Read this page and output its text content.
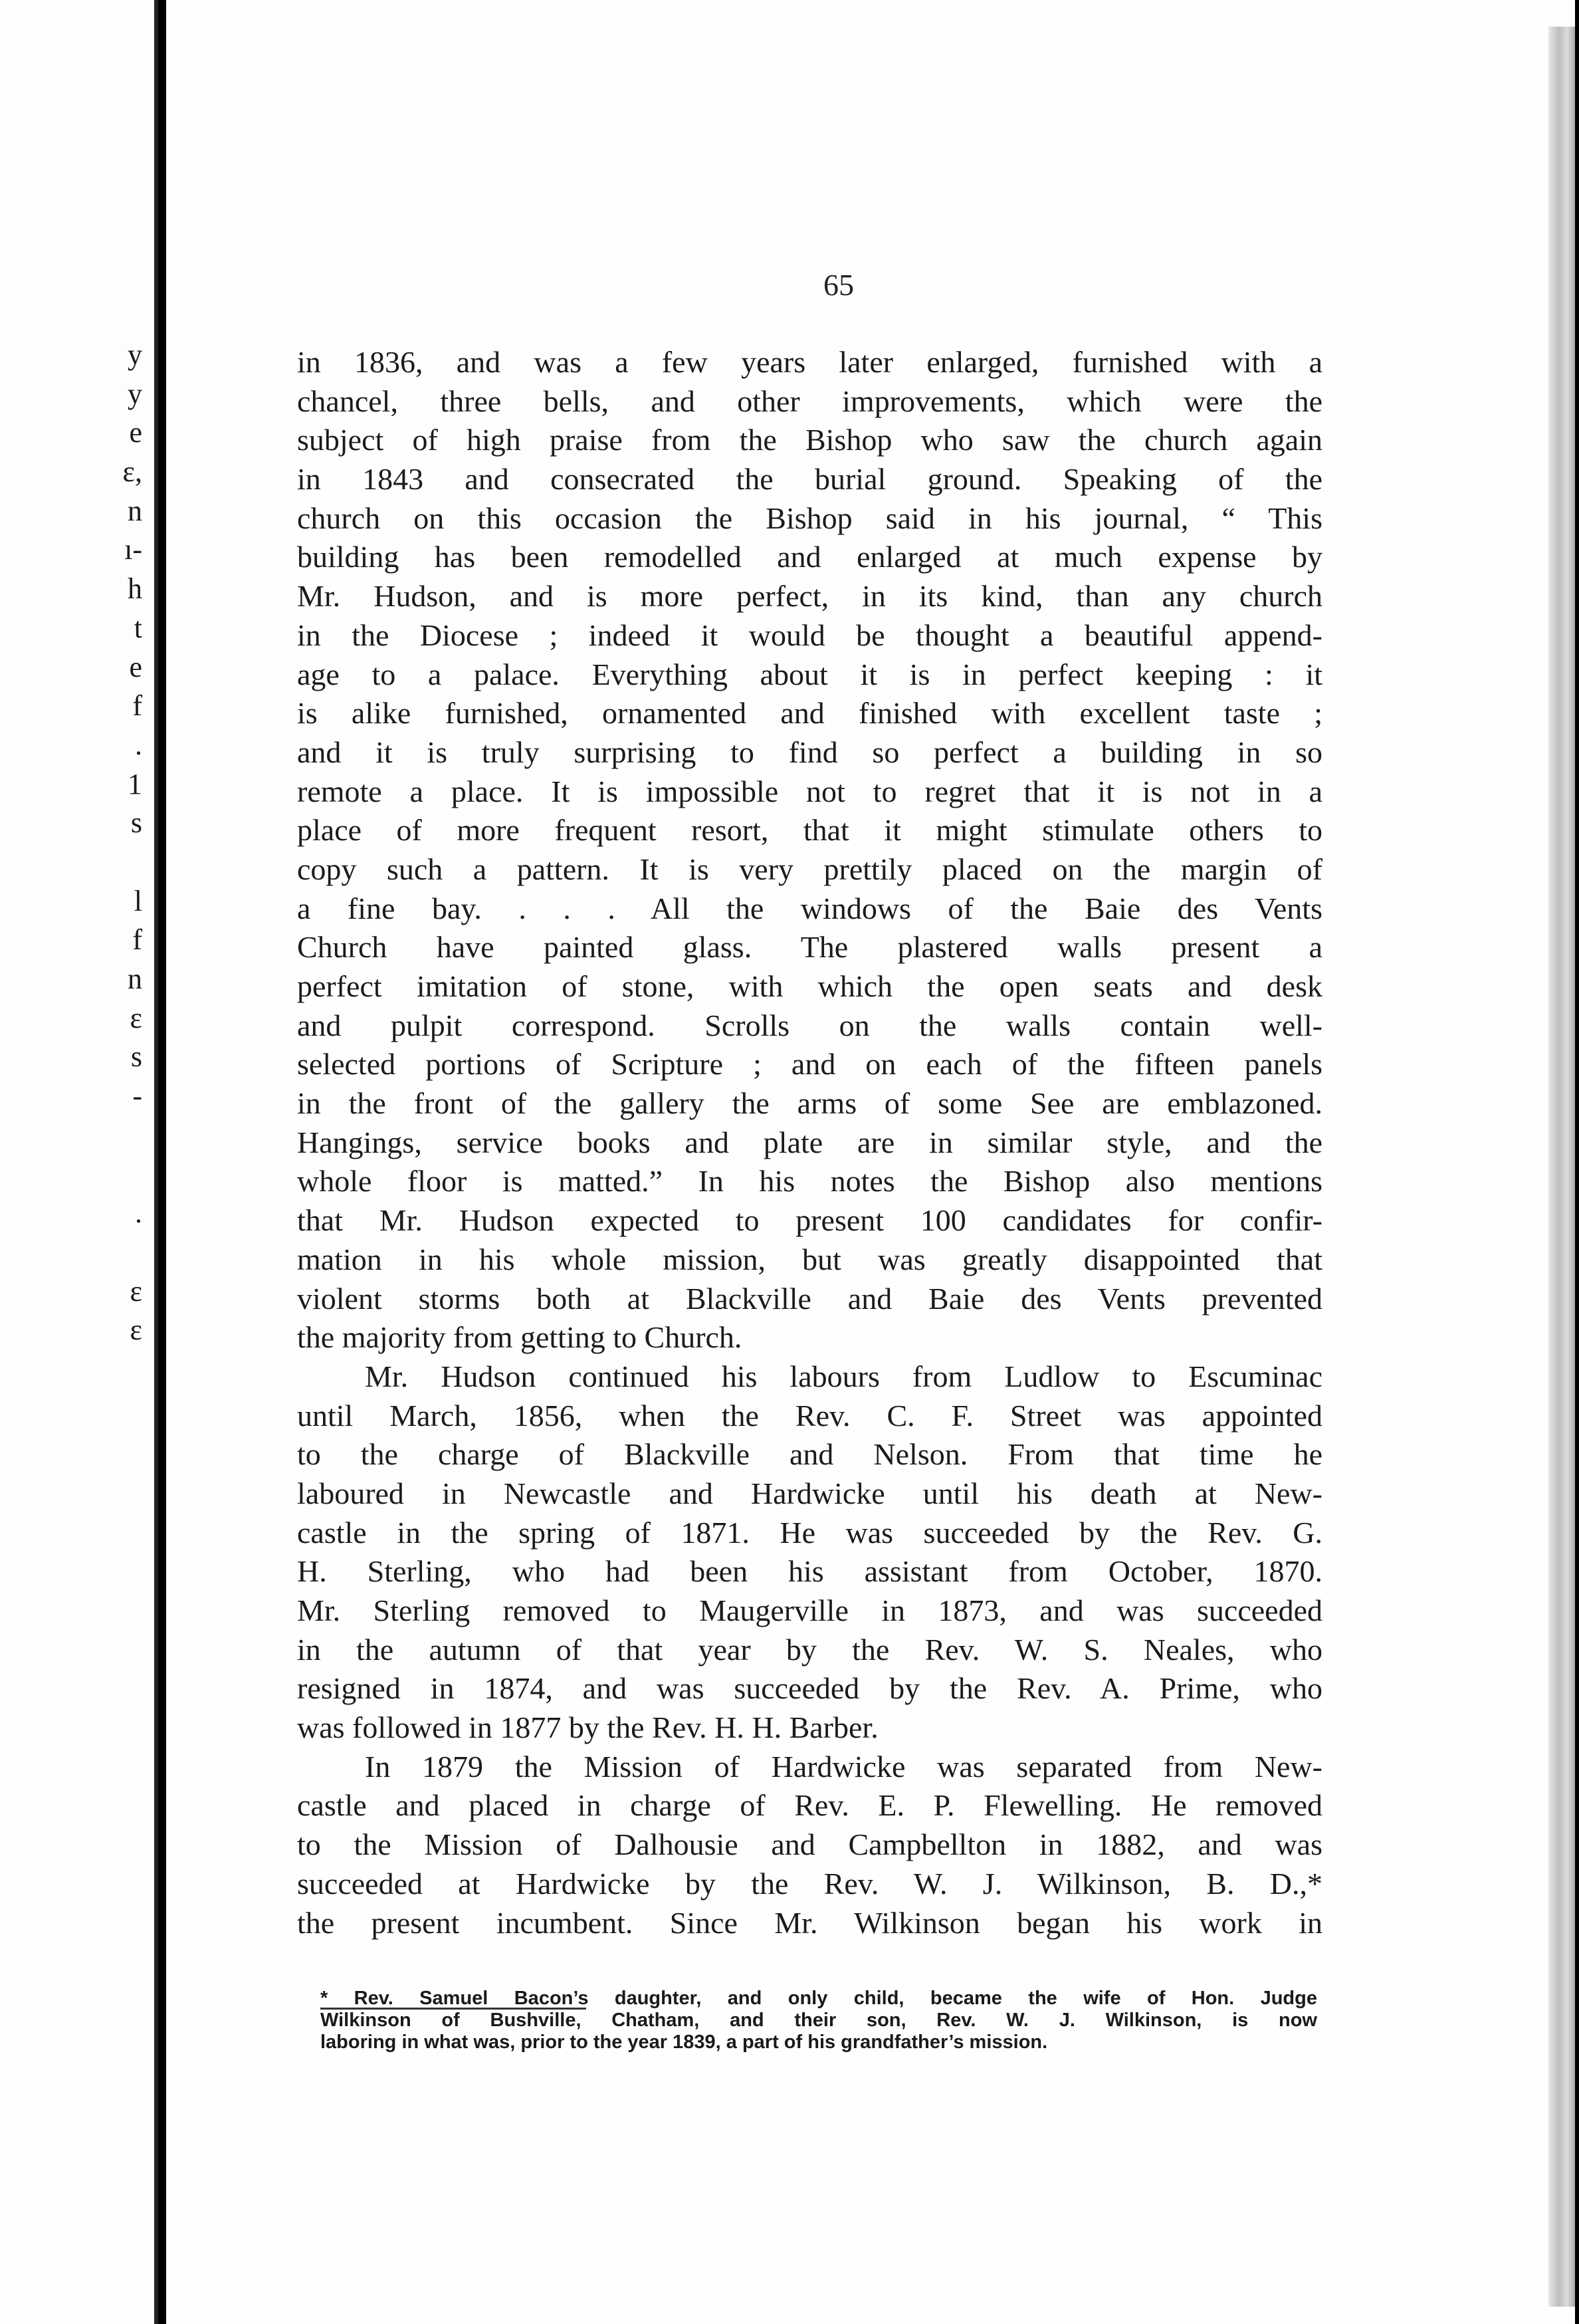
y
y
e
ε,
n
ı-
h
t
e
f
.
1
s
l
f
n
ε
s
-
.
ε
ε
65
in 1836, and was a few years later enlarged, furnished with a
chancel, three bells, and other improvements, which were the
subject of high praise from the Bishop who saw the church again
in 1843 and consecrated the burial ground. Speaking of the
church on this occasion the Bishop said in his journal, “ This
building has been remodelled and enlarged at much expense by
Mr. Hudson, and is more perfect, in its kind, than any church
in the Diocese ; indeed it would be thought a beautiful append-
age to a palace. Everything about it is in perfect keeping : it
is alike furnished, ornamented and finished with excellent taste ;
and it is truly surprising to find so perfect a building in so
remote a place. It is impossible not to regret that it is not in a
place of more frequent resort, that it might stimulate others to
copy such a pattern. It is very prettily placed on the margin of
a fine bay. . . . All the windows of the Baie des Vents
Church have painted glass. The plastered walls present a
perfect imitation of stone, with which the open seats and desk
and pulpit correspond. Scrolls on the walls contain well-
selected portions of Scripture ; and on each of the fifteen panels
in the front of the gallery the arms of some See are emblazoned.
Hangings, service books and plate are in similar style, and the
whole floor is matted.” In his notes the Bishop also mentions
that Mr. Hudson expected to present 100 candidates for confir-
mation in his whole mission, but was greatly disappointed that
violent storms both at Blackville and Baie des Vents prevented
the majority from getting to Church.
Mr. Hudson continued his labours from Ludlow to Escuminac
until March, 1856, when the Rev. C. F. Street was appointed
to the charge of Blackville and Nelson. From that time he
laboured in Newcastle and Hardwicke until his death at New-
castle in the spring of 1871. He was succeeded by the Rev. G.
H. Sterling, who had been his assistant from October, 1870.
Mr. Sterling removed to Maugerville in 1873, and was succeeded
in the autumn of that year by the Rev. W. S. Neales, who
resigned in 1874, and was succeeded by the Rev. A. Prime, who
was followed in 1877 by the Rev. H. H. Barber.
In 1879 the Mission of Hardwicke was separated from New-
castle and placed in charge of Rev. E. P. Flewelling. He removed
to the Mission of Dalhousie and Campbellton in 1882, and was
succeeded at Hardwicke by the Rev. W. J. Wilkinson, B. D.,*
the present incumbent. Since Mr. Wilkinson began his work in
* Rev. Samuel Bacon’s daughter, and only child, became the wife of Hon. Judge
Wilkinson of Bushville, Chatham, and their son, Rev. W. J. Wilkinson, is now
laboring in what was, prior to the year 1839, a part of his grandfather’s mission.
